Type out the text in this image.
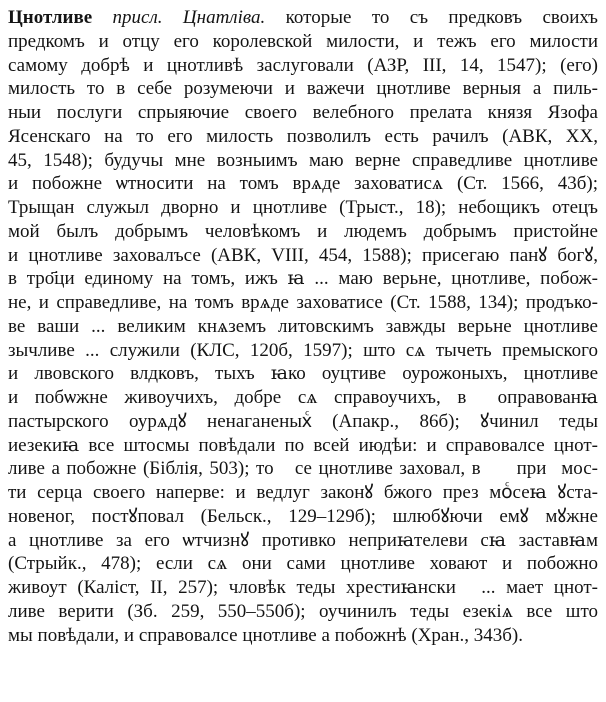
Цнотливе присл. Цнатліва. которые то съ предковъ своихъ
предкомъ и отцу его королевской милости, и тежъ его милости
самому добрѣ и цнотливѣ заслуговали (АЗР, III, 14, 1547); (его)
милость то в себе розумеючи и важечи цнотливе верныя а пиль-
ныи послуги спрыяючие своего велебного прелата князя Язофа
Ясенскаго на то его милость позволилъ есть рачилъ (АВК, XX,
45, 1548); будучы мне возныимъ маю верне справедливе цнотливе
и побожне ѡтносити на томъ врѧде заховатисѧ (Ст. 1566, 43б);
Трыщан служыл дворно и цнотливе (Трыст., 18); небощикъ отецъ
мой былъ добрымъ человѣкомъ и людемъ добрымъ пристойне
и цнотливе заховалъсе (АВК, VIII, 454, 1588); присегаю панꙋ богꙋ,
в тро҃ци единому на томъ, ижъ ꙗ ... маю верьне, цнотливе, побож-
не, и справедливе, на томъ врѧде заховатисе (Ст. 1588, 134); продъко-
ве ваши ... великим кнѧземъ литовскимъ завжды верьне цнотливе
зычливе ... служили (КЛС, 120б, 1597); што сѧ тычеть премыского
и лвовского влдковъ, тыхъ ꙗко оуцтиве оурожоныхъ, цнотливе
и побѡжне живоучихъ, добре сѧ справоучихъ, вⷭ оправованꙗ
пастырского оурѧдꙋ ненаганеныхⷭ (Апакр., 86б); ꙋчинил теды
иезекиꙗ все штосмы повѣдали по всей июдѣи: и справовалсе цнот-
ливе а побожне (Біблія, 503); тоⷭ се цнотливе заховал, вⷭ ꙋприⷭмос-
ти серца своего наперве: и ведлуг законꙋ бжого през моⷭсеꙗ ꙋста-
новеног, постꙋповал (Бельск., 129–129б); шлюбꙋючи емꙋ мꙋжне
а цнотливе за его ѡтчизнꙋ противко неприꙗтелеви сꙗ заставꙗм
(Стрыйк., 478); если сѧ они сами цнотливе ховают и побожно
живоут (Каліст, II, 257); чловѣк теды хрестиꙗнскиⷭ ... мает цнот-
ливе верити (Зб. 259, 550–550б); оучинилъ теды езекiѧ все што
мы повѣдали, и справовалсе цнотливе а побожнѣ (Хран., 343б).
